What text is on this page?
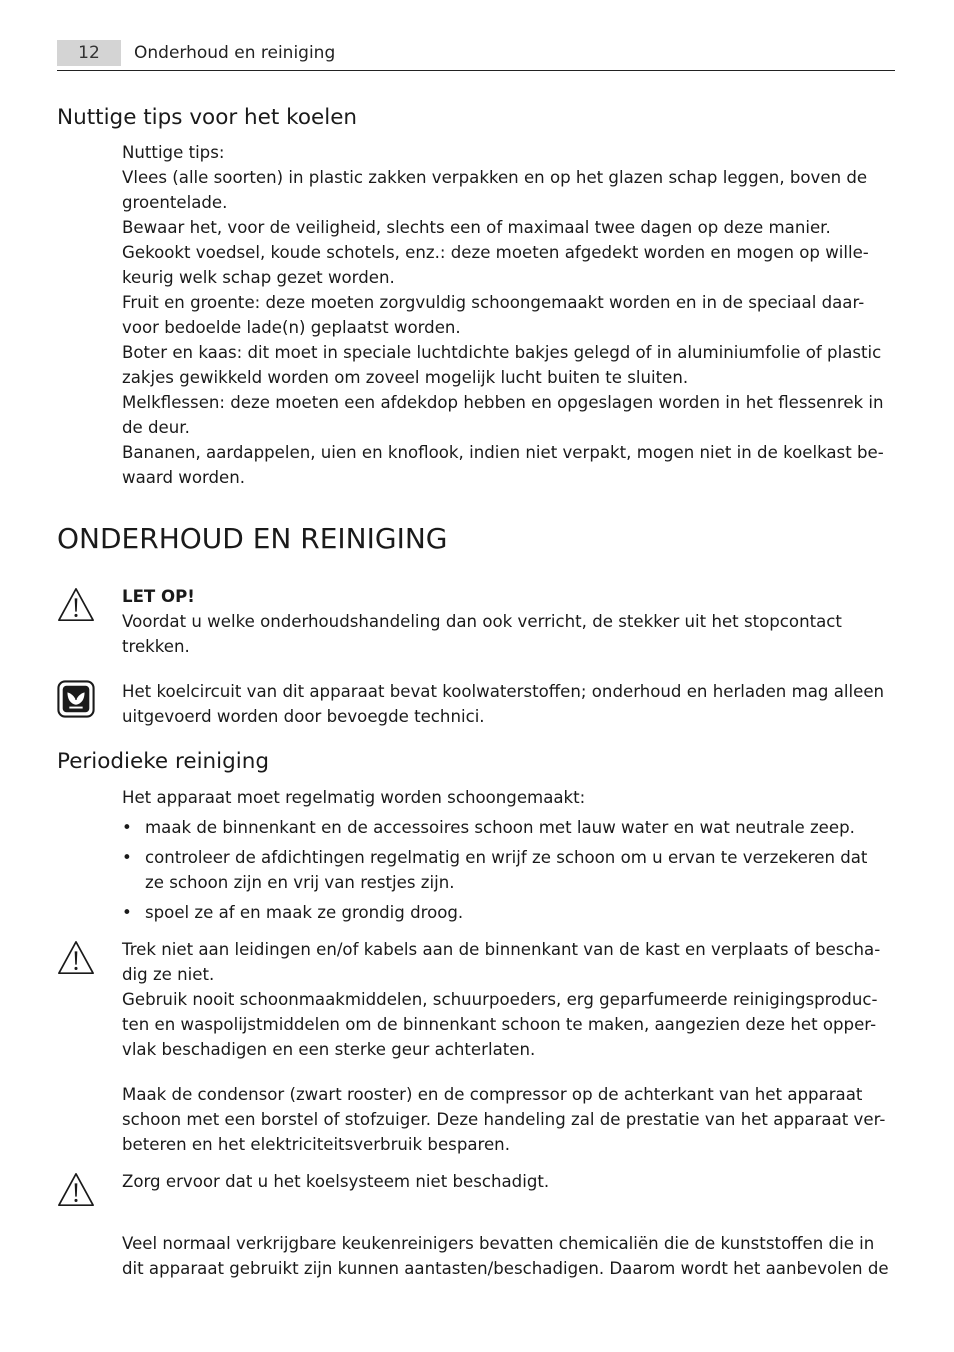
12	Onderhoud en reiniging
Nuttige tips voor het koelen

Nuttige tips:

Vlees (alle soorten) in plastic zakken verpakken en op het glazen schap leggen, boven de

groentelade.

Bewaar het, voor de veiligheid, slechts een of maximaal twee dagen op deze manier.

Gekookt voedsel, koude schotels, enz.: deze moeten afgedekt worden en mogen op wille-

keurig welk schap gezet worden.

Fruit en groente: deze moeten zorgvuldig schoongemaakt worden en in de speciaal daar-

voor bedoelde lade(n) geplaatst worden.

Boter en kaas: dit moet in speciale luchtdichte bakjes gelegd of in aluminiumfolie of plastic

zakjes gewikkeld worden om zoveel mogelijk lucht buiten te sluiten.

Melkflessen: deze moeten een afdekdop hebben en opgeslagen worden in het flessenrek in

de deur.

Bananen, aardappelen, uien en knoflook, indien niet verpakt, mogen niet in de koelkast be-

waard worden.

ONDERHOUD EN REINIGING

LET OP!

Voordat u welke onderhoudshandeling dan ook verricht, de stekker uit het stopcontact

trekken.

Het koelcircuit van dit apparaat bevat koolwaterstoffen; onderhoud en herladen mag alleen

uitgevoerd worden door bevoegde technici.

Periodieke reiniging
Het apparaat moet regelmatig worden schoongemaakt:
• maak de binnenkant en de accessoires schoon met lauw water en wat neutrale zeep.
• controleer de afdichtingen regelmatig en wrijf ze schoon om u ervan te verzekeren dat
ze schoon zijn en vrij van restjes zijn.
• spoel ze af en maak ze grondig droog.

Trek niet aan leidingen en/of kabels aan de binnenkant van de kast en verplaats of bescha-

dig ze niet.

Gebruik nooit schoonmaakmiddelen, schuurpoeders, erg geparfumeerde reinigingsproduc-

ten en waspolijstmiddelen om de binnenkant schoon te maken, aangezien deze het opper-

vlak beschadigen en een sterke geur achterlaten.

Maak de condensor (zwart rooster) en de compressor op de achterkant van het apparaat

schoon met een borstel of stofzuiger. Deze handeling zal de prestatie van het apparaat ver-

beteren en het elektriciteitsverbruik besparen.

Zorg ervoor dat u het koelsysteem niet beschadigt.

Veel normaal verkrijgbare keukenreinigers bevatten chemicaliën die de kunststoffen die in

dit apparaat gebruikt zijn kunnen aantasten/beschadigen. Daarom wordt het aanbevolen de
